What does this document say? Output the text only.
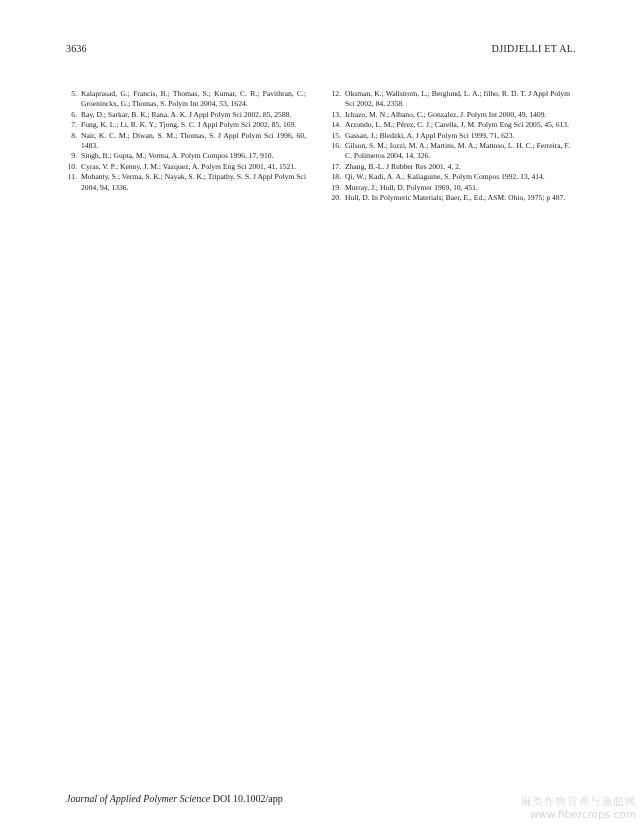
3636	DJIDJELLI ET AL.
5. Kalaprasad, G.; Francis, B.; Thomas, S.; Kumar, C. R.; Pavithran, C.; Groeninckx, G.; Thomas, S. Polym Int 2004, 53, 1624.
6. Ray, D.; Sarkar, B. K.; Rana, A. K. J Appl Polym Sci 2002, 85, 2588.
7. Fung, K. L.; Li, R. K. Y.; Tjong, S. C. J Appl Polym Sci 2002, 85, 169.
8. Nair, K. C. M.; Diwan, S. M.; Thomas, S. J Appl Polym Sci 1996, 60, 1483.
9. Singh, B.; Gupta, M.; Verma, A. Polym Compos 1996, 17, 910.
10. Cyras, V. P.; Kenny, J. M.; Vazquez, A. Polym Eng Sci 2001, 41, 1521.
11. Mohanty, S.; Verma, S. K.; Nayak, S. K.; Tripathy, S. S. J Appl Polym Sci 2004, 94, 1336.
12. Oksman, K.; Wallstrom, L.; Berglund, L. A.; filho, R. D. T. J Appl Polym Sci 2002, 84, 2358.
13. Ichazo, M. N.; Albano, C.; Gonzalez, J. Polym Int 2000, 49, 1409.
14. Arzondo, L. M.; Pérez, C. J.; Carella, J. M. Polym Eng Sci 2005, 45, 613.
15. Gassan, J.; Bledzki, A. J Appl Polym Sci 1999, 71, 623.
16. Gilson, S. M.; Iozzi, M. A.; Martins, M. A.; Mattoso, L. H. C.; Ferreira, F. C. Polimeros 2004, 14, 326.
17. Zhang, B.-L. J Rubber Res 2001, 4, 2.
18. Qi, W.; Kadi, A. A.; Kaliaguine, S. Polym Compos 1992, 13, 414.
19. Murray, J.; Hull, D. Polymer 1969, 10, 451.
20. Hull, D. In Polymeric Materials; Baer, E., Ed.; ASM: Ohio, 1975; p 487.
Journal of Applied Polymer Science DOI 10.1002/app	麻类作物营养与施肥网
www.fibercrops.com
